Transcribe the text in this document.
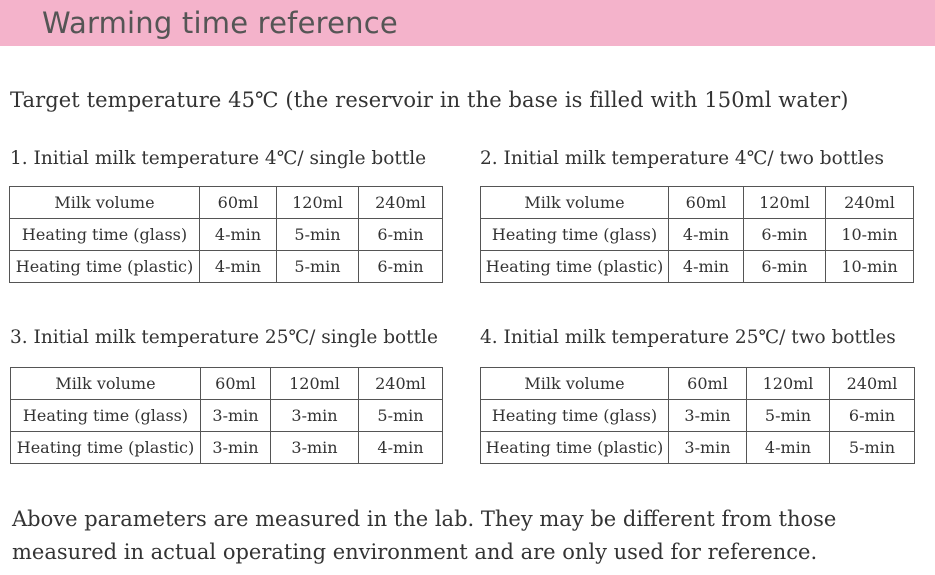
Warming time reference
Target temperature 45℃ (the reservoir in the base is filled with 150ml water)
1. Initial milk temperature 4℃/ single bottle
Milk volume	60ml	120ml	240ml
Heating time (glass)	4-min	5-min	6-min
Heating time (plastic)	4-min	5-min	6-min
2. Initial milk temperature 4℃/ two bottles
Milk volume	60ml	120ml	240ml
Heating time (glass)	4-min	6-min	10-min
Heating time (plastic)	4-min	6-min	10-min
3. Initial milk temperature 25℃/ single bottle
Milk volume	60ml	120ml	240ml
Heating time (glass)	3-min	3-min	5-min
Heating time (plastic)	3-min	3-min	4-min
4. Initial milk temperature 25℃/ two bottles
Milk volume	60ml	120ml	240ml
Heating time (glass)	3-min	5-min	6-min
Heating time (plastic)	3-min	4-min	5-min
Above parameters are measured in the lab. They may be different from those
measured in actual operating environment and are only used for reference.
